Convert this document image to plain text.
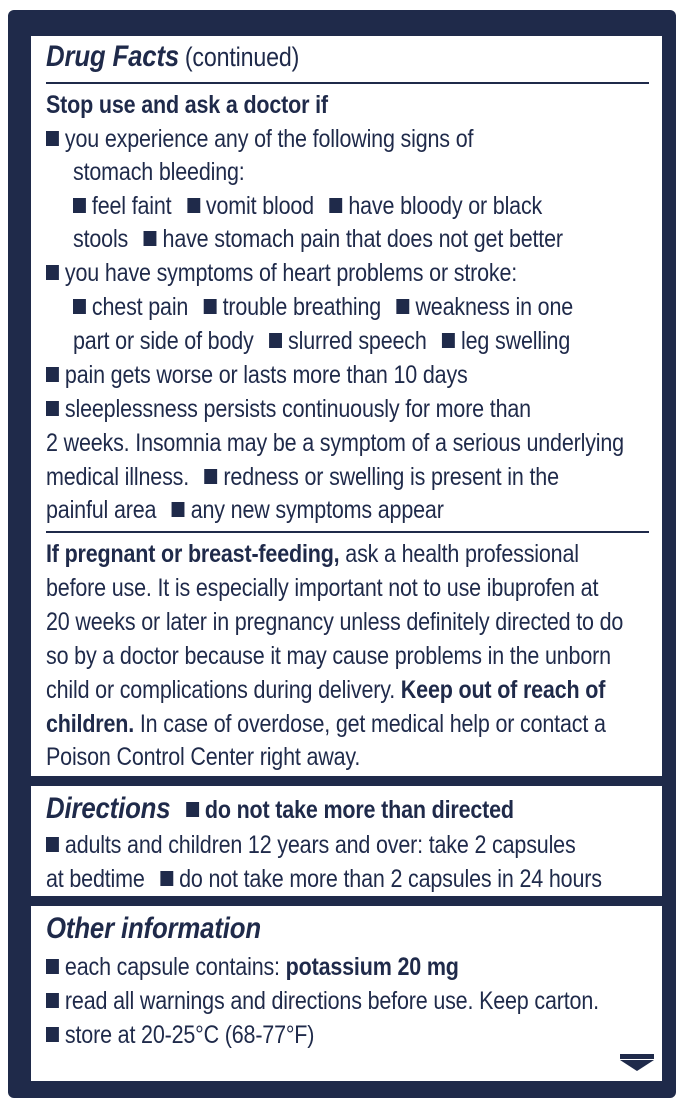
Drug Facts (continued)
Stop use and ask a doctor if
you experience any of the following signs of
stomach bleeding:
feel faint vomit blood have bloody or black
stools have stomach pain that does not get better
you have symptoms of heart problems or stroke:
chest pain trouble breathing weakness in one
part or side of body slurred speech leg swelling
pain gets worse or lasts more than 10 days
sleeplessness persists continuously for more than
2 weeks. Insomnia may be a symptom of a serious underlying
medical illness. redness or swelling is present in the
painful area any new symptoms appear
If pregnant or breast-feeding, ask a health professional
before use. It is especially important not to use ibuprofen at
20 weeks or later in pregnancy unless definitely directed to do
so by a doctor because it may cause problems in the unborn
child or complications during delivery. Keep out of reach of
children. In case of overdose, get medical help or contact a
Poison Control Center right away.
Directions do not take more than directed
adults and children 12 years and over: take 2 capsules
at bedtime do not take more than 2 capsules in 24 hours
Other information
each capsule contains: potassium 20 mg
read all warnings and directions before use. Keep carton.
store at 20-25°C (68-77°F)
